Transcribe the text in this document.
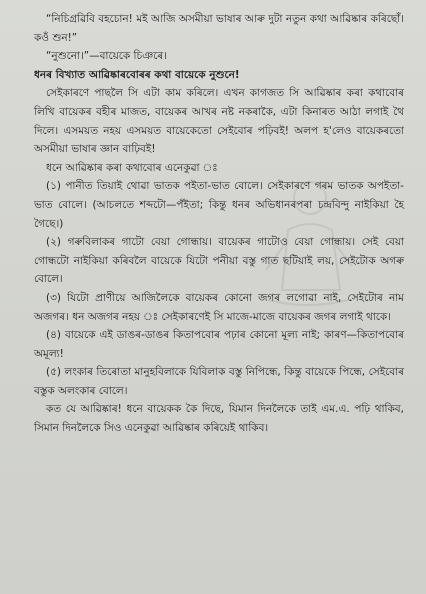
“নিচিগ্ৰৱিবি বহচোন! মই আজি অসমীয়া ভাষাৰ আৰু দুটা নতুন কথা আৱিষ্কাৰ কৰিছোঁ। কওঁ শুন!”

“নুশুনো।”—বায়েকে চিঞৰে।

ধনৰ বিখ্যাত আৱিষ্কাৰবোৰৰ কথা বায়েকে নুশুনে!

সেইকাৰণে পাছলৈ সি এটা কাম কৰিলে। এখন কাগজত সি আৱিষ্কাৰ কৰা কথাবোৰ লিখি বায়েকৰ বহীৰ মাজত, বায়েকৰ আখৰ নষ্ট নকৰাকৈ, এটা কিনাৰত আঠা লগাই থৈ দিলে। এসময়ত নহয় এসময়ত বায়েকেতো সেইবোৰ পঢ়িবই! অলপ হ'লেও বায়েকৰতো অসমীয়া ভাষাৰ জ্ঞান বাঢ়িবই!

ধনে আৱিষ্কাৰ কৰা কথাবোৰ এনেকুৱা ঃ

(১) পানীত তিয়াই থোৱা ভাতক পইতা-ভাত বোলে। সেইকাৰণে গৰম ভাতক অপইতা-ভাত বোলে। (আচলতে শব্দটো—পঁইতা; কিন্তু ধনৰ অভিধানৰপৰা চন্দ্ৰবিন্দু নাইকিয়া হৈ গৈছে।)

(২) গৰুবিলাকৰ গাটো বেয়া গোন্ধায়। বায়েকৰ গাটোও বেয়া গোন্ধায়। সেই বেয়া গোন্ধটো নাইকিয়া কৰিবলৈ বায়েকে যিটো পনীয়া বস্তু গাত ছটিয়াই লয়, সেইটোক অগৰু বোলে।

(৩) যিটো প্ৰাণীয়ে আজিলৈকে বায়েকৰ কোনো জগৰ লগোৱা নাই, সেইটোৰ নাম অজগৰ। ধন অজগৰ নহয় ঃ সেইকাৰণেই সি মাজে-মাজে বায়েকৰ জগৰ লগাই থাকে।

(৪) বায়েকে এই ডাঙৰ-ডাঙৰ কিতাপবোৰ পঢ়াৰ কোনো মূল্য নাই; কাৰণ—কিতাপবোৰ অমূল্য!

(৫) লংকাৰ তিৰোতা মানুহবিলাকে যিবিলাক বস্তু নিপিন্ধে, কিন্তু বায়েকে পিন্ধে, সেইবোৰ বস্তুক অলংকাৰ বোলে।

কত যে আৱিষ্কাৰ! ধনে বায়েকক কৈ দিছে, যিমান দিনলৈকে তাই এম.এ. পঢ়ি থাকিব, সিমান দিনলৈকে সিও এনেকুৱা আৱিষ্কাৰ কৰিয়েই থাকিব।
